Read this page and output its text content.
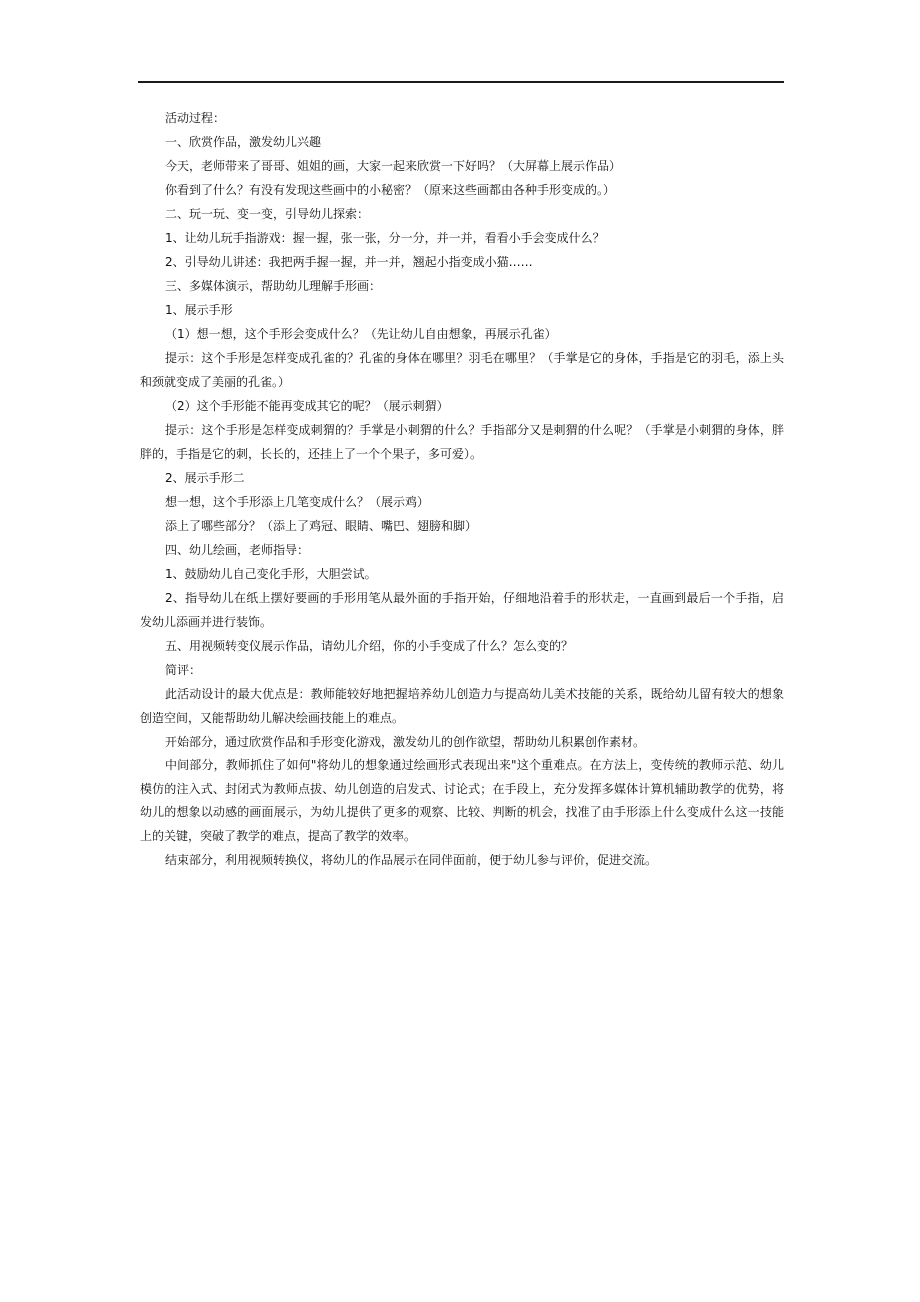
活动过程：

一、欣赏作品，激发幼儿兴趣

今天，老师带来了哥哥、姐姐的画，大家一起来欣赏一下好吗？（大屏幕上展示作品）

你看到了什么？有没有发现这些画中的小秘密？（原来这些画都由各种手形变成的。）

二、玩一玩、变一变，引导幼儿探索：

1、让幼儿玩手指游戏：握一握，张一张，分一分，并一并，看看小手会变成什么？

2、引导幼儿讲述：我把两手握一握，并一并，翘起小指变成小猫……

三、多媒体演示，帮助幼儿理解手形画：

1、展示手形

（1）想一想，这个手形会变成什么？（先让幼儿自由想象，再展示孔雀）

提示：这个手形是怎样变成孔雀的？孔雀的身体在哪里？羽毛在哪里？（手掌是它的身体，手指是它的羽毛，添上头和颈就变成了美丽的孔雀。）

（2）这个手形能不能再变成其它的呢？（展示刺猬）

提示：这个手形是怎样变成刺猬的？手掌是小刺猬的什么？手指部分又是刺猬的什么呢？（手掌是小刺猬的身体，胖胖的，手指是它的刺，长长的，还挂上了一个个果子，多可爱）。

2、展示手形二

想一想，这个手形添上几笔变成什么？（展示鸡）

添上了哪些部分？（添上了鸡冠、眼睛、嘴巴、翅膀和脚）

四、幼儿绘画，老师指导：

1、鼓励幼儿自己变化手形，大胆尝试。

2、指导幼儿在纸上摆好要画的手形用笔从最外面的手指开始，仔细地沿着手的形状走，一直画到最后一个手指，启发幼儿添画并进行装饰。

五、用视频转变仪展示作品，请幼儿介绍，你的小手变成了什么？怎么变的？

简评：

此活动设计的最大优点是：教师能较好地把握培养幼儿创造力与提高幼儿美术技能的关系，既给幼儿留有较大的想象创造空间，又能帮助幼儿解决绘画技能上的难点。

开始部分，通过欣赏作品和手形变化游戏，激发幼儿的创作欲望，帮助幼儿积累创作素材。

中间部分，教师抓住了如何"将幼儿的想象通过绘画形式表现出来"这个重难点。在方法上，变传统的教师示范、幼儿模仿的注入式、封闭式为教师点拔、幼儿创造的启发式、讨论式；在手段上，充分发挥多媒体计算机辅助教学的优势，将幼儿的想象以动感的画面展示，为幼儿提供了更多的观察、比较、判断的机会，找准了由手形添上什么变成什么这一技能上的关键，突破了教学的难点，提高了教学的效率。

结束部分，利用视频转换仪，将幼儿的作品展示在同伴面前，便于幼儿参与评价，促进交流。
